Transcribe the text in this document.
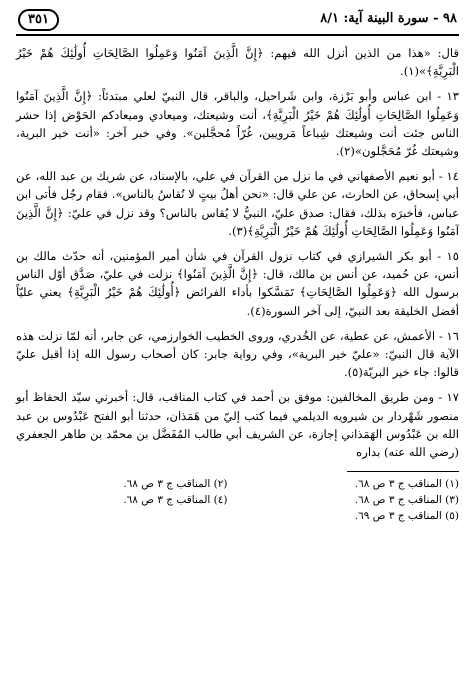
٩٨ - سورة البينة آية: ٨/١
٣٥١

قال: «هذا من الذين أنزل الله فيهم: ﴿إِنَّ الَّذِينَ آمَنُوا وَعَمِلُوا الصَّالِحَاتِ أُولَٰئِكَ هُمْ خَيْرُ الْبَرِيَّةِ﴾»(١).

١٣ - ابن عباس وأبو بَرْزة، وابن شَراحيل، والباقر، قال النبيّ لعلي مبتدئاً: ﴿إِنَّ الَّذِينَ آمَنُوا وَعَمِلُوا الصَّالِحَاتِ أُولَٰئِكَ هُمْ خَيْرُ الْبَرِيَّةِ﴾، أنت وشيعتك، وميعادي وميعادكم الحَوْض إذا حشر الناس جئت أنت وشيعتك شِباعاً مَرويين، غُرّاً مُحجَّلين». وفي خبر آخر: «أنت خير البرية، وشيعتك غُرّ مُحَجَّلون»(٢).

١٤ - أبو نعيم الأصفهاني في ما نزل من القرآن في علي، بالإسناد، عن شريك بن عبد الله، عن أبي إسحاق، عن الحارث، عن علي قال: «نحن أهلُ بيتٍ لا نُقاسُ بالناس». فقام رجُل فأتى ابن عباس، فأخبرَه بذلك، فقال: صدق عليّ، النبيُّ لا يُقاس بالناس؟ وقد نزل في عليّ: ﴿إِنَّ الَّذِينَ آمَنُوا وَعَمِلُوا الصَّالِحَاتِ أُولَٰئِكَ هُمْ خَيْرُ الْبَرِيَّةِ﴾(٣).

١٥ - أبو بكر الشيرازي في كتاب نزول القرآن في شأن أمير المؤمنين، أنه حدّث مالك بن أنس، عن حُميد، عن أنس بن مالك، قال: ﴿إِنَّ الَّذِينَ آمَنُوا﴾ نزلت في عليّ، صَدَّق أوّل الناس برسول الله ﴿وَعَمِلُوا الصَّالِحَاتِ﴾ تَمَسَّكوا بأداء الفرائض ﴿أُولَٰئِكَ هُمْ خَيْرُ الْبَرِيَّةِ﴾ يعني عليّاً أفضل الخليقة بعد النبيّ، إلى آخر السورة(٤).

١٦ - الأعمش، عن عطية، عن الخُدري، وروى الخطيب الخوارزمي، عن جابر، أنه لمّا نزلت هذه الآية قال النبيّ: «عليّ خير البرية»، وفي رواية جابر: كان أصحاب رسول الله إذا أقبل عليّ قالوا: جاء خير البريّة(٥).

١٧ - ومن طريق المخالفين: موفق بن أحمد في كتاب المناقب، قال: أخبرني سيّد الحفاظ أبو منصور شَهْردار بن شيرويه الديلمي فيما كتب إليّ من هَمَذان، حدثنا أبو الفتح عَبْدُوس بن عبد الله بن عَبْدُوس الهَمَذاني إجازة، عن الشريف أبي طالب المُفَضَّل بن محمّد بن طاهر الجعفري (رضي الله عنه) بداره

(١) المناقب ج ٣ ص ٦٨.
(٢) المناقب ج ٣ ص ٦٨.
(٣) المناقب ج ٣ ص ٦٨.
(٤) المناقب ج ٣ ص ٦٨.
(٥) المناقب ج ٣ ص ٦٩.
